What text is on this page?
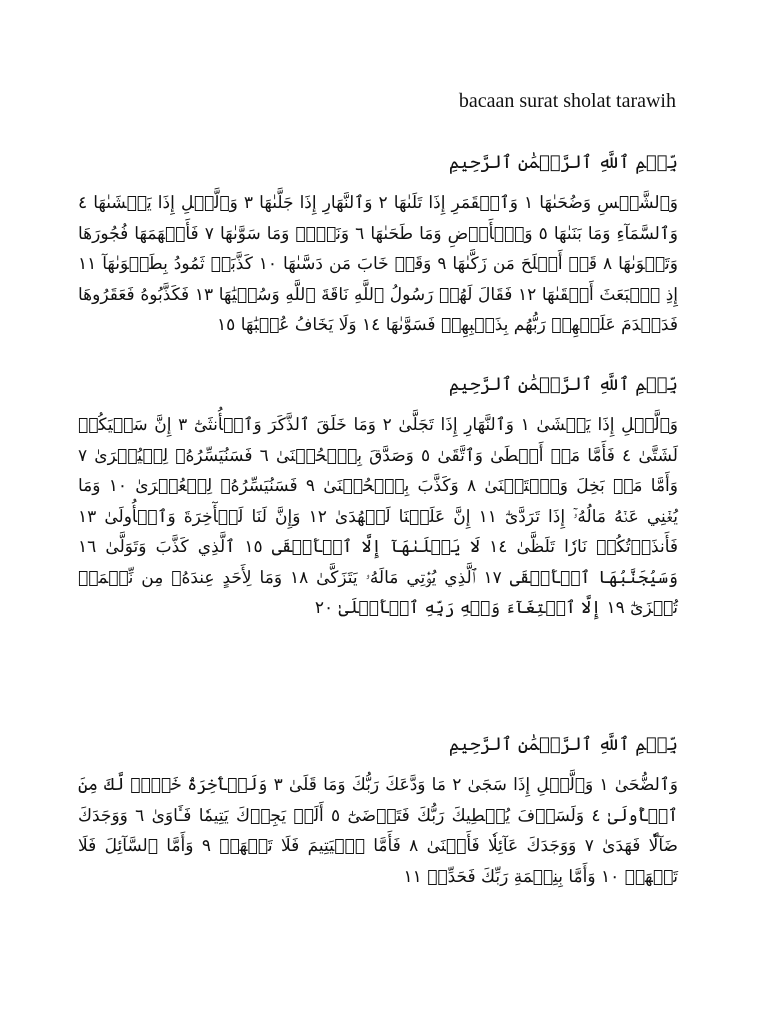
bacaan surat sholat tarawih
بِّسۡمِ ٱللَّهِ ٱلرَّحۡمَٰنِ ٱلرَّحِيمِ
وَٱلشَّمۡسِ وَضُحَىٰهَا ١ وَٱلۡقَمَرِ إِذَا تَلَىٰهَا ٢ وَٱلنَّهَارِ إِذَا جَلَّىٰهَا ٣ وَٱلَّيۡلِ إِذَا يَغۡشَىٰهَا ٤ وَٱلسَّمَآءِ وَمَا بَنَىٰهَا ٥ وَٱلۡأَرۡضِ وَمَا طَحَىٰهَا ٦ وَنَفۡسٖ وَمَا سَوَّىٰهَا ٧ فَأَلۡهَمَهَا فُجُورَهَا وَتَقۡوَىٰهَا ٨ قَدۡ أَفۡلَحَ مَن زَكَّىٰهَا ٩ وَقَدۡ خَابَ مَن دَسَّىٰهَا ١٠ كَذَّبَتۡ ثَمُودُ بِطَغۡوَىٰهَآ ١١ إِذِ ٱنۢبَعَثَ أَشۡقَىٰهَا ١٢ فَقَالَ لَهُمۡ رَسُولُ ٱللَّهِ نَاقَةَ ٱللَّهِ وَسُقۡيَٰهَا ١٣ فَكَذَّبُوهُ فَعَقَرُوهَا فَدَمۡدَمَ عَلَيۡهِمۡ رَبُّهُم بِذَنۢبِهِمۡ فَسَوَّىٰهَا ١٤ وَلَا يَخَافُ عُقۡبَٰهَا ١٥
بِّسۡمِ ٱللَّهِ ٱلرَّحۡمَٰنِ ٱلرَّحِيمِ
وَٱلَّيۡلِ إِذَا يَغۡشَىٰ ١ وَٱلنَّهَارِ إِذَا تَجَلَّىٰ ٢ وَمَا خَلَقَ ٱلذَّكَرَ وَٱلۡأُنثَىٰٓ ٣ إِنَّ سَعۡيَكُمۡ لَشَتَّىٰ ٤ فَأَمَّا مَنۡ أَعۡطَىٰ وَٱتَّقَىٰ ٥ وَصَدَّقَ بِٱلۡحُسۡنَىٰ ٦ فَسَنُيَسِّرُهُۥ لِلۡيُسۡرَىٰ ٧ وَأَمَّا مَنۢ بَخِلَ وَٱسۡتَغۡنَىٰ ٨ وَكَذَّبَ بِٱلۡحُسۡنَىٰ ٩ فَسَنُيَسِّرُهُۥ لِلۡعُسۡرَىٰ ١٠ وَمَا يُغۡنِي عَنۡهُ مَالُهُۥٓ إِذَا تَرَدَّىٰٓ ١١ إِنَّ عَلَيۡنَا لَلۡهُدَىٰ ١٢ وَإِنَّ لَنَا لَلۡأٓخِرَةَ وَٱلۡأُولَىٰ ١٣ فَأَنذَرۡتُكُمۡ نَارٗا تَلَظَّىٰ ١٤ لَا يَصۡلَىٰهَآ إِلَّا ٱلۡأَشۡقَى ١٥ ٱلَّذِي كَذَّبَ وَتَوَلَّىٰ ١٦ وَسَيُجَنَّبُهَا ٱلۡأَتۡقَى ١٧ ٱلَّذِي يُؤۡتِي مَالَهُۥ يَتَزَكَّىٰ ١٨ وَمَا لِأَحَدٍ عِندَهُۥ مِن نِّعۡمَةٖ تُجۡزَىٰٓ ١٩ إِلَّا ٱبۡتِغَآءَ وَجۡهِ رَبِّهِ ٱلۡأَعۡلَىٰ ٢٠
بِّسۡمِ ٱللَّهِ ٱلرَّحۡمَٰنِ ٱلرَّحِيمِ
وَٱلضُّحَىٰ ١ وَٱلَّيۡلِ إِذَا سَجَىٰ ٢ مَا وَدَّعَكَ رَبُّكَ وَمَا قَلَىٰ ٣ وَلَلۡأٓخِرَةُ خَيۡرٞ لَّكَ مِنَ ٱلۡأُولَىٰ ٤ وَلَسَوۡفَ يُعۡطِيكَ رَبُّكَ فَتَرۡضَىٰٓ ٥ أَلَمۡ يَجِدۡكَ يَتِيمٗا فَـَٔاوَىٰ ٦ وَوَجَدَكَ ضَآلّٗا فَهَدَىٰ ٧ وَوَجَدَكَ عَآئِلٗا فَأَغۡنَىٰ ٨ فَأَمَّا ٱلۡيَتِيمَ فَلَا تَقۡهَرۡ ٩ وَأَمَّا ٱلسَّآئِلَ فَلَا تَنۡهَرۡ ١٠ وَأَمَّا بِنِعۡمَةِ رَبِّكَ فَحَدِّثۡ ١١
